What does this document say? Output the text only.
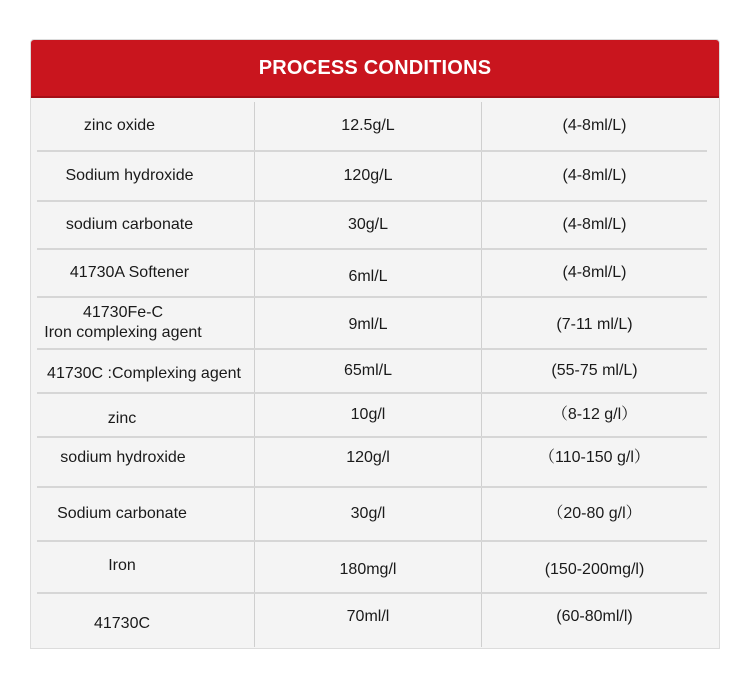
PROCESS CONDITIONS
zinc oxide	12.5g/L	(4-8ml/L)
Sodium hydroxide	120g/L	(4-8ml/L)
sodium carbonate	30g/L	(4-8ml/L)
41730A Softener	6ml/L	(4-8ml/L)
41730Fe-C
Iron complexing agent	9ml/L	(7-11 ml/L)
41730C :Complexing agent	65ml/L	(55-75 ml/L)
zinc	10g/l	（8-12 g/l）
sodium hydroxide	120g/l	（110-150 g/l）
Sodium carbonate	30g/l	（20-80 g/l）
Iron	180mg/l	(150-200mg/l)
41730C	70ml/l	(60-80ml/l)
